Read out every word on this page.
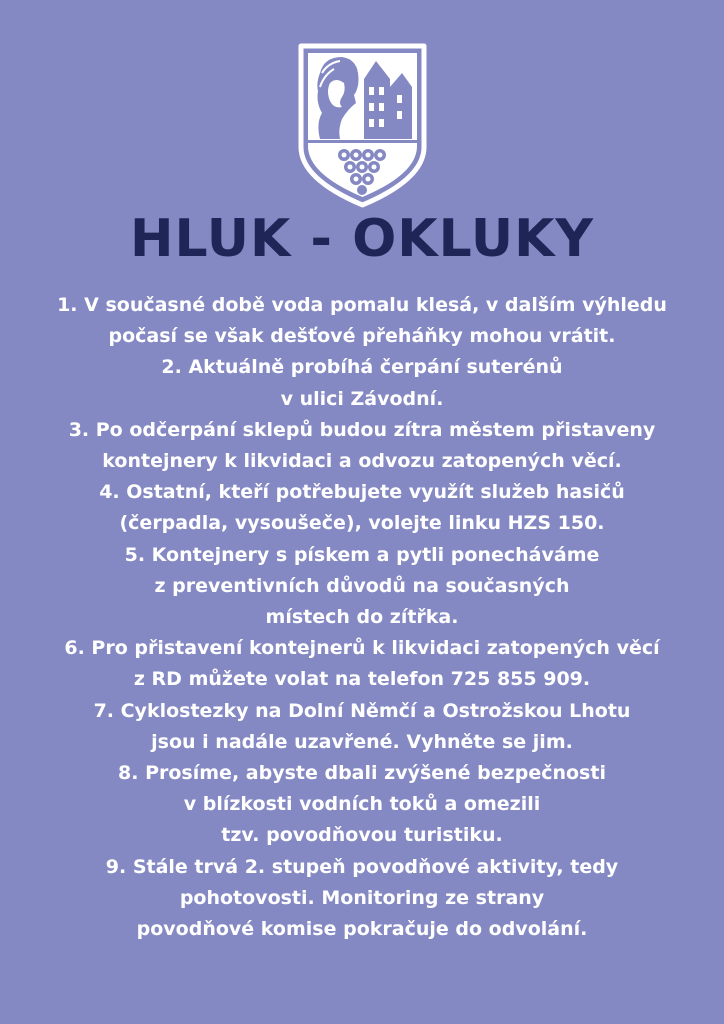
HLUK - OKLUKY
1. V současné době voda pomalu klesá, v dalším výhledu
počasí se však dešťové přeháňky mohou vrátit.
2. Aktuálně probíhá čerpání suterénů
v ulici Závodní.
3. Po odčerpání sklepů budou zítra městem přistaveny
kontejnery k likvidaci a odvozu zatopených věcí.
4. Ostatní, kteří potřebujete využít služeb hasičů
(čerpadla, vysoušeče), volejte linku HZS 150.
5. Kontejnery s pískem a pytli ponecháváme
z preventivních důvodů na současných
místech do zítřka.
6. Pro přistavení kontejnerů k likvidaci zatopených věcí
z RD můžete volat na telefon 725 855 909.
7. Cyklostezky na Dolní Němčí a Ostrožskou Lhotu
jsou i nadále uzavřené. Vyhněte se jim.
8. Prosíme, abyste dbali zvýšené bezpečnosti
v blízkosti vodních toků a omezili
tzv. povodňovou turistiku.
9. Stále trvá 2. stupeň povodňové aktivity, tedy
pohotovosti. Monitoring ze strany
povodňové komise pokračuje do odvolání.
